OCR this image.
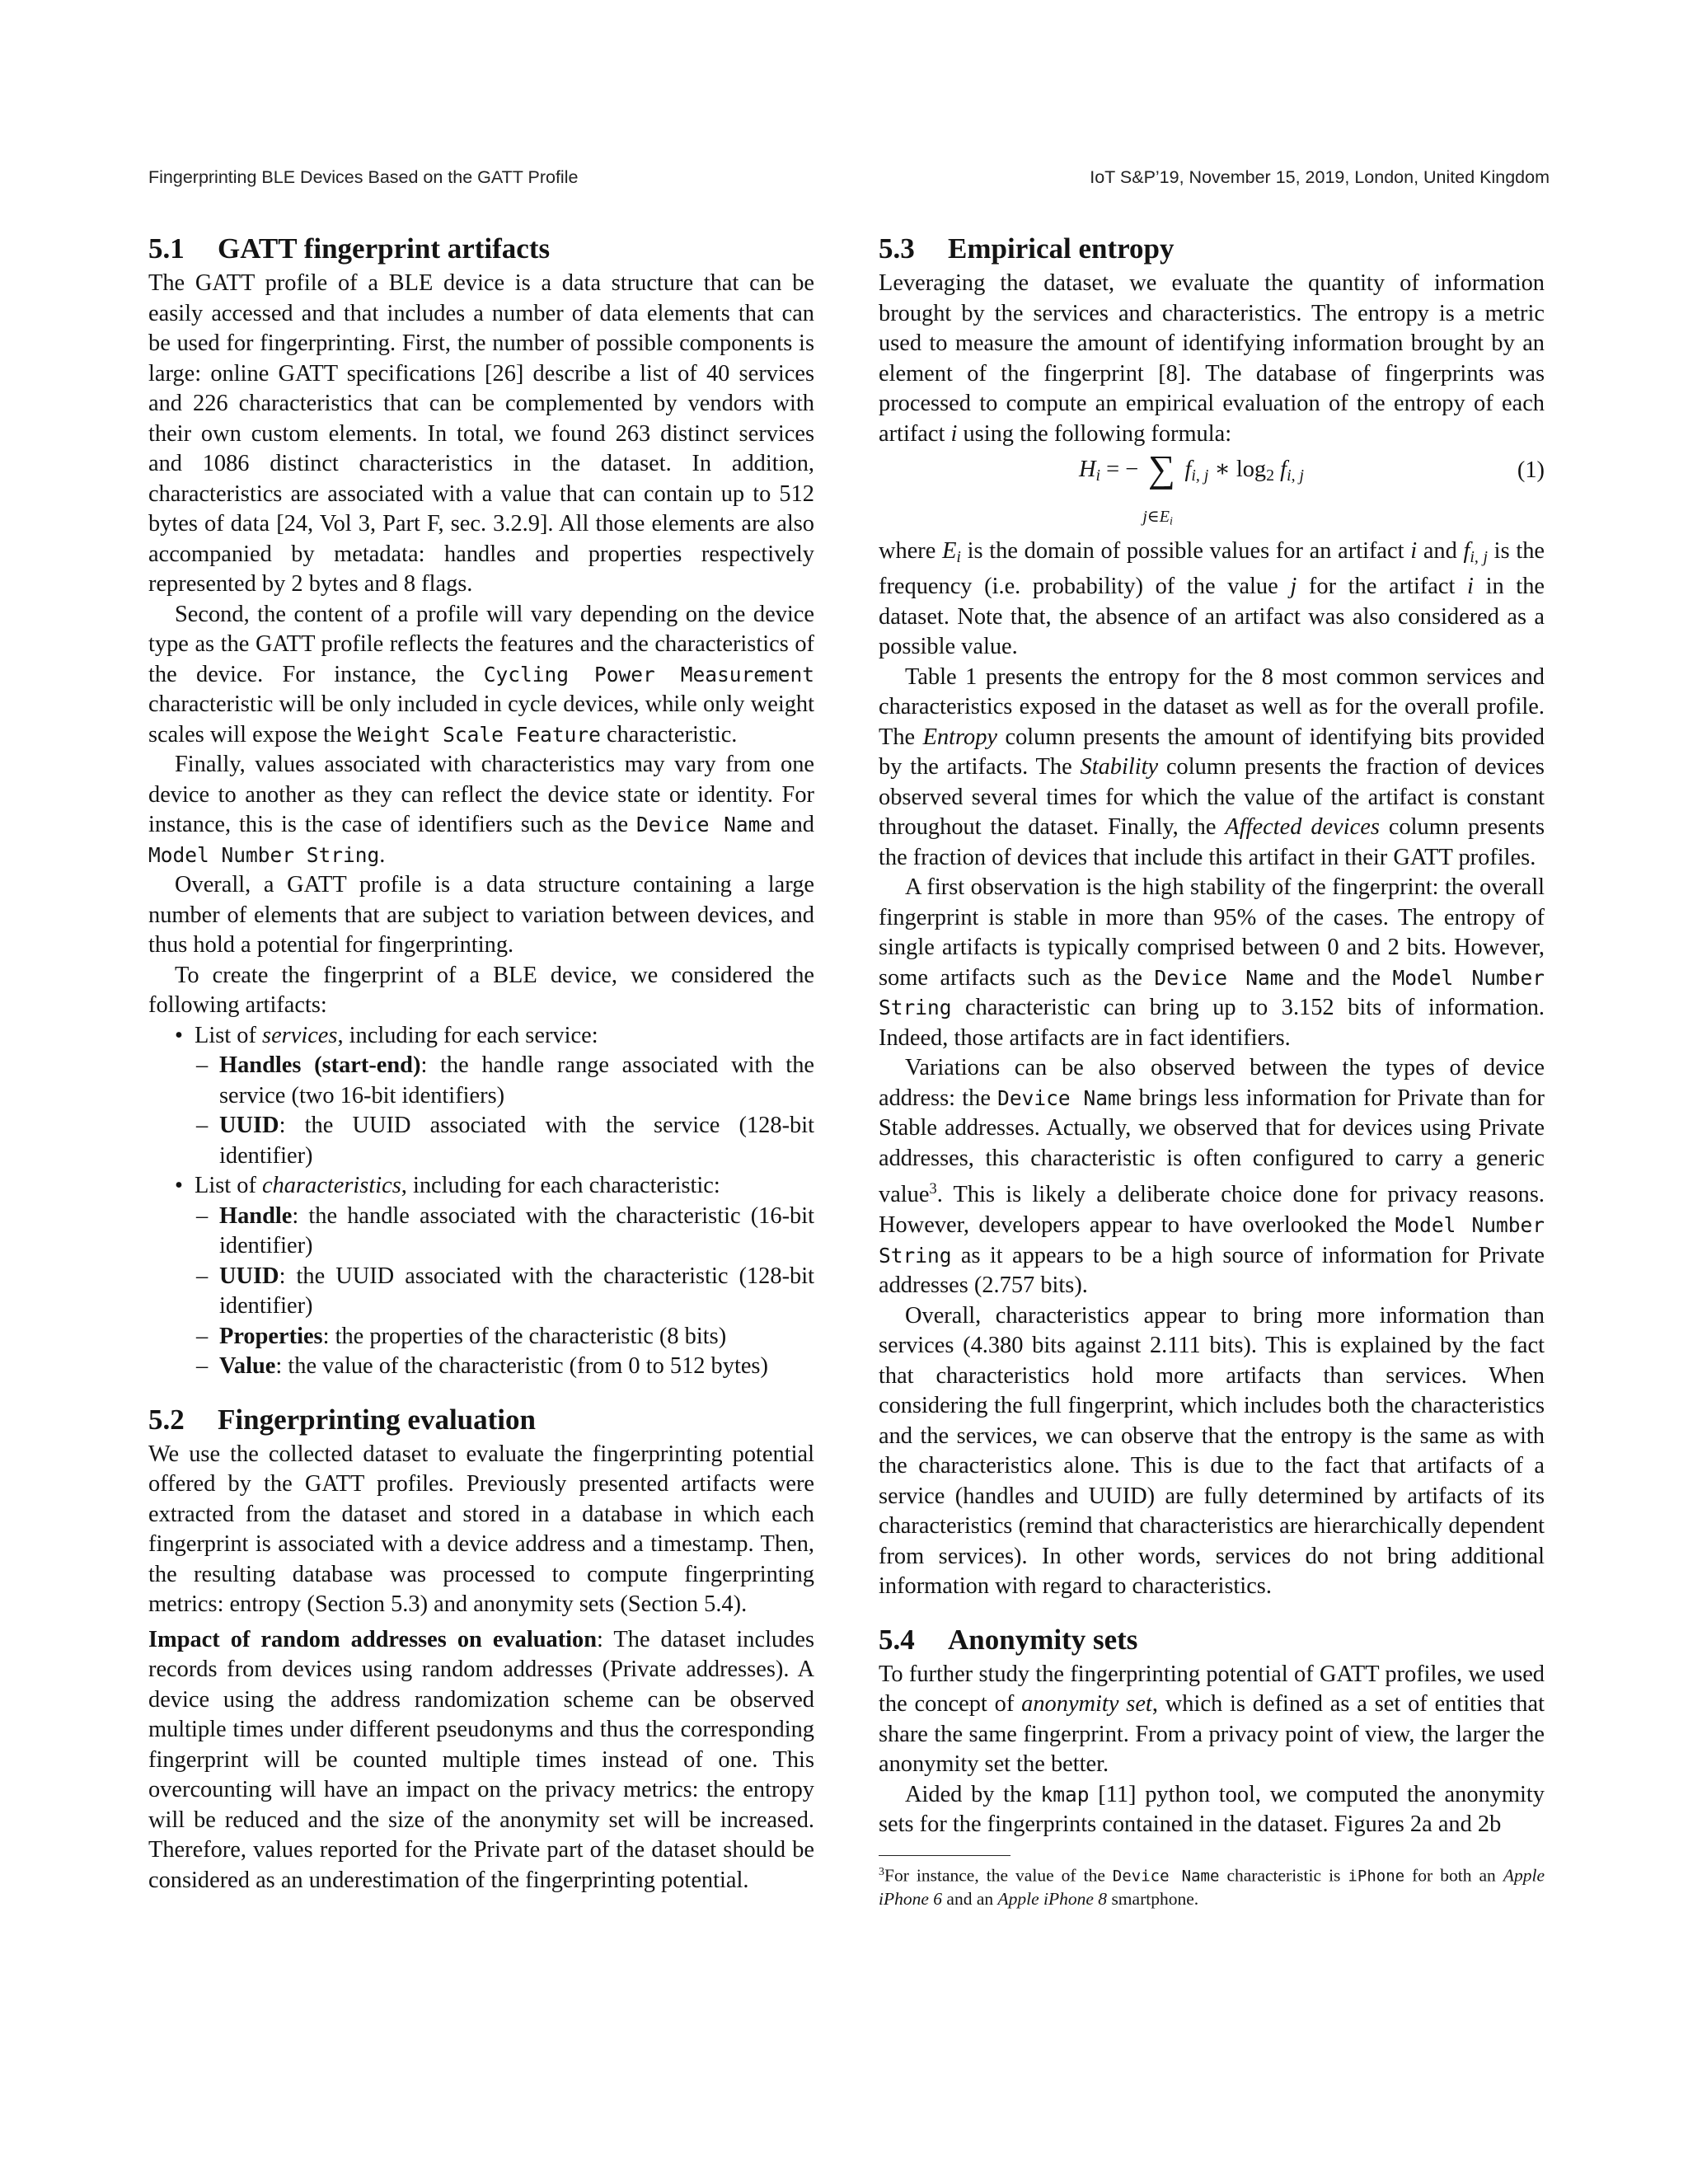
Fingerprinting BLE Devices Based on the GATT Profile	IoT S&P’19, November 15, 2019, London, United Kingdom
5.1 GATT fingerprint artifacts

The GATT profile of a BLE device is a data structure that can be easily accessed and that includes a number of data elements that can be used for fingerprinting. First, the number of possible components is large: online GATT specifications [26] describe a list of 40 services and 226 characteristics that can be complemented by vendors with their own custom elements. In total, we found 263 distinct services and 1086 distinct characteristics in the dataset. In addition, characteristics are associated with a value that can contain up to 512 bytes of data [24, Vol 3, Part F, sec. 3.2.9]. All those elements are also accompanied by metadata: handles and properties respectively represented by 2 bytes and 8 flags.

Second, the content of a profile will vary depending on the device type as the GATT profile reflects the features and the characteristics of the device. For instance, the Cycling Power Measurement characteristic will be only included in cycle devices, while only weight scales will expose the Weight Scale Feature characteristic.

Finally, values associated with characteristics may vary from one device to another as they can reflect the device state or identity. For instance, this is the case of identifiers such as the Device Name and Model Number String.

Overall, a GATT profile is a data structure containing a large number of elements that are subject to variation between devices, and thus hold a potential for fingerprinting.

To create the fingerprint of a BLE device, we considered the following artifacts:

• List of services, including for each service:
– Handles (start-end): the handle range associated with the service (two 16-bit identifiers)
– UUID: the UUID associated with the service (128-bit identifier)
• List of characteristics, including for each characteristic:
– Handle: the handle associated with the characteristic (16-bit identifier)
– UUID: the UUID associated with the characteristic (128-bit identifier)
– Properties: the properties of the characteristic (8 bits)
– Value: the value of the characteristic (from 0 to 512 bytes)
5.2 Fingerprinting evaluation

We use the collected dataset to evaluate the fingerprinting potential offered by the GATT profiles. Previously presented artifacts were extracted from the dataset and stored in a database in which each fingerprint is associated with a device address and a timestamp. Then, the resulting database was processed to compute fingerprinting metrics: entropy (Section 5.3) and anonymity sets (Section 5.4).

Impact of random addresses on evaluation: The dataset includes records from devices using random addresses (Private addresses). A device using the address randomization scheme can be observed multiple times under different pseudonyms and thus the corresponding fingerprint will be counted multiple times instead of one. This overcounting will have an impact on the privacy metrics: the entropy will be reduced and the size of the anonymity set will be increased. Therefore, values reported for the Private part of the dataset should be considered as an underestimation of the fingerprinting potential.

5.3 Empirical entropy

Leveraging the dataset, we evaluate the quantity of information brought by the services and characteristics. The entropy is a metric used to measure the amount of identifying information brought by an element of the fingerprint [8]. The database of fingerprints was processed to compute an empirical evaluation of the entropy of each artifact i using the following formula:

$H_i$ = − ∑
$j\in E_i$
$f_{i, j}$ ∗ $\log_2 f_{i, j}$	(1)

where $E_i$ is the domain of possible values for an artifact i and $f_{i, j}$ is the frequency (i.e. probability) of the value j for the artifact i in the dataset. Note that, the absence of an artifact was also considered as a possible value.

Table 1 presents the entropy for the 8 most common services and characteristics exposed in the dataset as well as for the overall profile. The Entropy column presents the amount of identifying bits provided by the artifacts. The Stability column presents the fraction of devices observed several times for which the value of the artifact is constant throughout the dataset. Finally, the Affected devices column presents the fraction of devices that include this artifact in their GATT profiles.

A first observation is the high stability of the fingerprint: the overall fingerprint is stable in more than 95% of the cases. The entropy of single artifacts is typically comprised between 0 and 2 bits. However, some artifacts such as the Device Name and the Model Number String characteristic can bring up to 3.152 bits of information. Indeed, those artifacts are in fact identifiers.

Variations can be also observed between the types of device address: the Device Name brings less information for Private than for Stable addresses. Actually, we observed that for devices using Private addresses, this characteristic is often configured to carry a generic value$^3$. This is likely a deliberate choice done for privacy reasons. However, developers appear to have overlooked the Model Number String as it appears to be a high source of information for Private addresses (2.757 bits).

Overall, characteristics appear to bring more information than services (4.380 bits against 2.111 bits). This is explained by the fact that characteristics hold more artifacts than services. When considering the full fingerprint, which includes both the characteristics and the services, we can observe that the entropy is the same as with the characteristics alone. This is due to the fact that artifacts of a service (handles and UUID) are fully determined by artifacts of its characteristics (remind that characteristics are hierarchically dependent from services). In other words, services do not bring additional information with regard to characteristics.

5.4 Anonymity sets

To further study the fingerprinting potential of GATT profiles, we used the concept of anonymity set, which is defined as a set of entities that share the same fingerprint. From a privacy point of view, the larger the anonymity set the better.

Aided by the kmap [11] python tool, we computed the anonymity sets for the fingerprints contained in the dataset. Figures 2a and 2b

$^3$For instance, the value of the Device Name characteristic is iPhone for both an Apple iPhone 6 and an Apple iPhone 8 smartphone.
